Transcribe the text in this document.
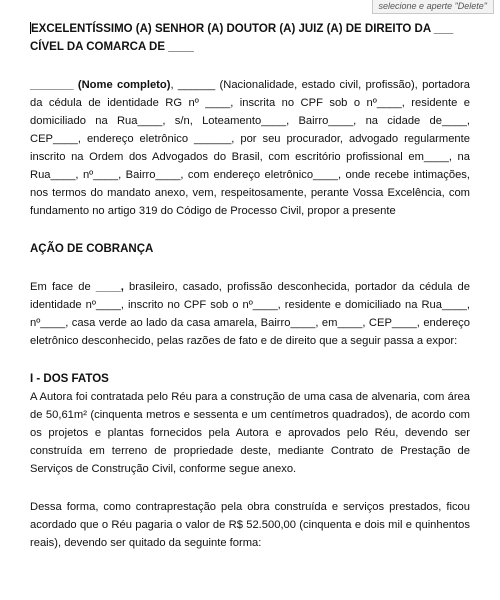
selecione e aperte "Delete"

EXCELENTÍSSIMO (A) SENHOR (A) DOUTOR (A) JUIZ (A) DE DIREITO DA ___

CÍVEL DA COMARCA DE ____

_______ (Nome completo), ______ (Nacionalidade, estado civil, profissão), portadora da cédula de identidade RG nº ____, inscrita no CPF sob o nº____, residente e domiciliado na Rua____, s/n, Loteamento____, Bairro____, na cidade de____, CEP____, endereço eletrônico ______, por seu procurador, advogado regularmente inscrito na Ordem dos Advogados do Brasil, com escritório profissional em____, na Rua____, nº____, Bairro____, com endereço eletrônico____, onde recebe intimações, nos termos do mandato anexo, vem, respeitosamente, perante Vossa Excelência, com fundamento no artigo 319 do Código de Processo Civil, propor a presente

AÇÃO DE COBRANÇA

Em face de ____, brasileiro, casado, profissão desconhecida, portador da cédula de identidade nº____, inscrito no CPF sob o nº____, residente e domiciliado na Rua____, nº____, casa verde ao lado da casa amarela, Bairro____, em____, CEP____, endereço eletrônico desconhecido, pelas razões de fato e de direito que a seguir passa a expor:

I - DOS FATOS

A Autora foi contratada pelo Réu para a construção de uma casa de alvenaria, com área de 50,61m² (cinquenta metros e sessenta e um centímetros quadrados), de acordo com os projetos e plantas fornecidos pela Autora e aprovados pelo Réu, devendo ser construída em terreno de propriedade deste, mediante Contrato de Prestação de Serviços de Construção Civil, conforme segue anexo.

Dessa forma, como contraprestação pela obra construída e serviços prestados, ficou acordado que o Réu pagaria o valor de R$ 52.500,00 (cinquenta e dois mil e quinhentos reais), devendo ser quitado da seguinte forma:
